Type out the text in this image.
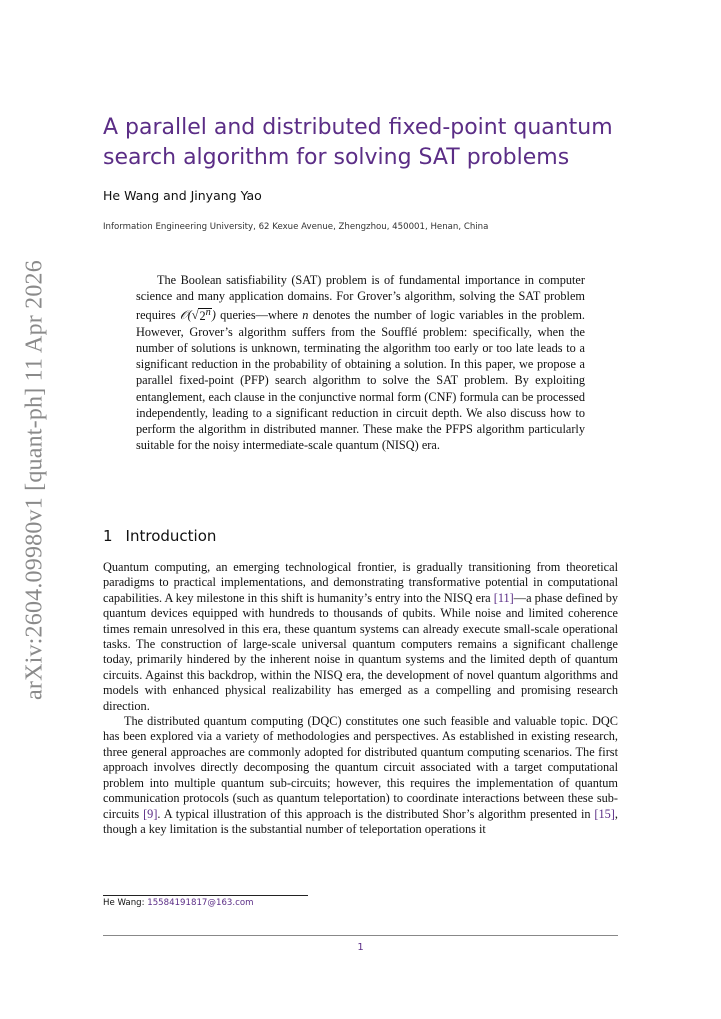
arXiv:2604.09980v1 [quant-ph] 11 Apr 2026
A parallel and distributed fixed-point quantum search algorithm for solving SAT problems
He Wang and Jinyang Yao
Information Engineering University, 62 Kexue Avenue, Zhengzhou, 450001, Henan, China

The Boolean satisfiability (SAT) problem is of fundamental importance in computer science and many application domains. For Grover’s algorithm, solving the SAT problem requires 𝒪(√2$^n$) queries—where n denotes the number of logic variables in the problem. However, Grover’s algorithm suffers from the Soufflé problem: specifically, when the number of solutions is unknown, terminating the algorithm too early or too late leads to a significant reduction in the probability of obtaining a solution. In this paper, we propose a parallel fixed-point (PFP) search algorithm to solve the SAT problem. By exploiting entanglement, each clause in the conjunctive normal form (CNF) formula can be processed independently, leading to a significant reduction in circuit depth. We also discuss how to perform the algorithm in distributed manner. These make the PFPS algorithm particularly suitable for the noisy intermediate-scale quantum (NISQ) era.

1 Introduction

Quantum computing, an emerging technological frontier, is gradually transitioning from theoretical paradigms to practical implementations, and demonstrating transformative potential in computational capabilities. A key milestone in this shift is humanity’s entry into the NISQ era [11]—a phase defined by quantum devices equipped with hundreds to thousands of qubits. While noise and limited coherence times remain unresolved in this era, these quantum systems can already execute small-scale operational tasks. The construction of large-scale universal quantum computers remains a significant challenge today, primarily hindered by the inherent noise in quantum systems and the limited depth of quantum circuits. Against this backdrop, within the NISQ era, the development of novel quantum algorithms and models with enhanced physical realizability has emerged as a compelling and promising research direction.

The distributed quantum computing (DQC) constitutes one such feasible and valuable topic. DQC has been explored via a variety of methodologies and perspectives. As established in existing research, three general approaches are commonly adopted for distributed quantum computing scenarios. The first approach involves directly decomposing the quantum circuit associated with a target computational problem into multiple quantum sub-circuits; however, this requires the implementation of quantum communication protocols (such as quantum teleportation) to coordinate interactions between these sub-circuits [9]. A typical illustration of this approach is the distributed Shor’s algorithm presented in [15], though a key limitation is the substantial number of teleportation operations it

He Wang: 15584191817@163.com
1
